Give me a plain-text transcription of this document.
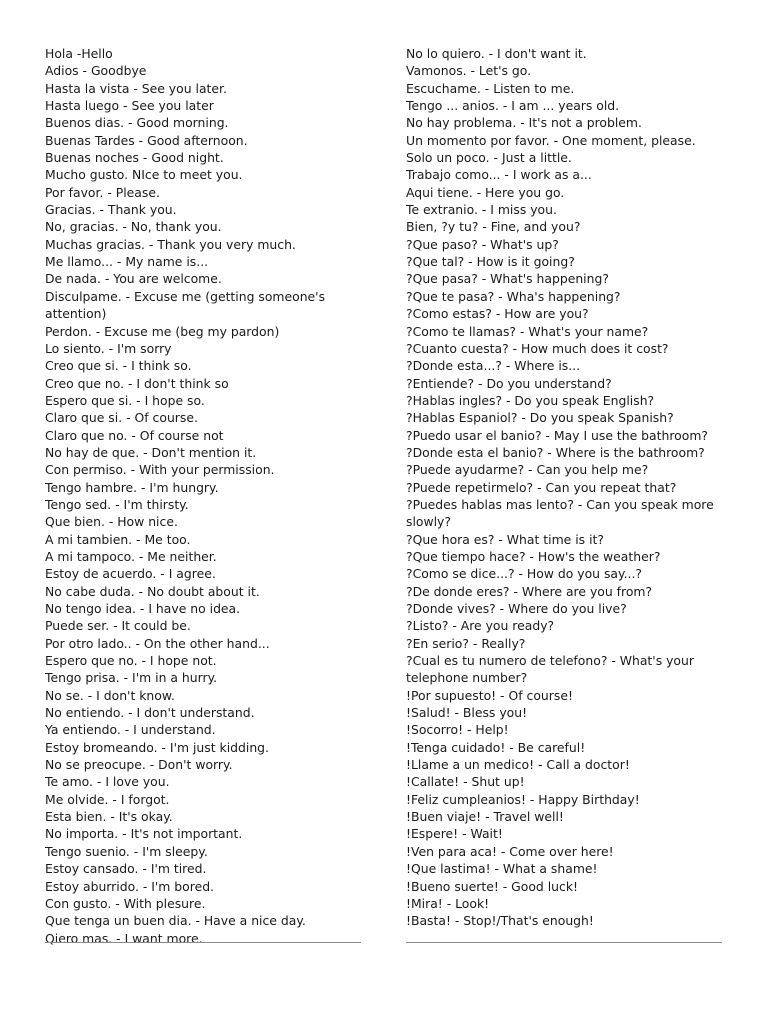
Hola -Hello

Adios - Goodbye

Hasta la vista - See you later.

Hasta luego - See you later

Buenos dias. - Good morning.

Buenas Tardes - Good afternoon.

Buenas noches - Good night.

Mucho gusto. NIce to meet you.

Por favor. - Please.

Gracias. - Thank you.

No, gracias. - No, thank you.

Muchas gracias. - Thank you very much.

Me llamo... - My name is...

De nada. - You are welcome.

Disculpame. - Excuse me (getting someone's attention)

Perdon. - Excuse me (beg my pardon)

Lo siento. - I'm sorry

Creo que si. - I think so.

Creo que no. - I don't think so

Espero que si. - I hope so.

Claro que si. - Of course.

Claro que no. - Of course not

No hay de que. - Don't mention it.

Con permiso. - With your permission.

Tengo hambre. - I'm hungry.

Tengo sed. - I'm thirsty.

Que bien. - How nice.

A mi tambien. - Me too.

A mi tampoco. - Me neither.

Estoy de acuerdo. - I agree.

No cabe duda. - No doubt about it.

No tengo idea. - I have no idea.

Puede ser. - It could be.

Por otro lado.. - On the other hand...

Espero que no. - I hope not.

Tengo prisa. - I'm in a hurry.

No se. - I don't know.

No entiendo. - I don't understand.

Ya entiendo. - I understand.

Estoy bromeando. - I'm just kidding.

No se preocupe. - Don't worry.

Te amo. - I love you.

Me olvide. - I forgot.

Esta bien. - It's okay.

No importa. - It's not important.

Tengo suenio. - I'm sleepy.

Estoy cansado. - I'm tired.

Estoy aburrido. - I'm bored.

Con gusto. - With plesure.

Que tenga un buen dia. - Have a nice day.

Qiero mas. - I want more.

No lo quiero. - I don't want it.

Vamonos. - Let's go.

Escuchame. - Listen to me.

Tengo ... anios. - I am ... years old.

No hay problema. - It's not a problem.

Un momento por favor. - One moment, please.

Solo un poco. - Just a little.

Trabajo como... - I work as a...

Aqui tiene. - Here you go.

Te extranio. - I miss you.

Bien, ?y tu? - Fine, and you?

?Que paso? - What's up?

?Que tal? - How is it going?

?Que pasa? - What's happening?

?Que te pasa? - Wha's happening?

?Como estas? - How are you?

?Como te llamas? - What's your name?

?Cuanto cuesta? - How much does it cost?

?Donde esta...? - Where is...

?Entiende? - Do you understand?

?Hablas ingles? - Do you speak English?

?Hablas Espaniol? - Do you speak Spanish?

?Puedo usar el banio? - May I use the bathroom?

?Donde esta el banio? - Where is the bathroom?

?Puede ayudarme? - Can you help me?

?Puede repetirmelo? - Can you repeat that?

?Puedes hablas mas lento? - Can you speak more slowly?

?Que hora es? - What time is it?

?Que tiempo hace? - How's the weather?

?Como se dice...? - How do you say...?

?De donde eres? - Where are you from?

?Donde vives? - Where do you live?

?Listo? - Are you ready?

?En serio? - Really?

?Cual es tu numero de telefono? - What's your telephone number?

!Por supuesto! - Of course!

!Salud! - Bless you!

!Socorro! - Help!

!Tenga cuidado! - Be careful!

!Llame a un medico! - Call a doctor!

!Callate! - Shut up!

!Feliz cumpleanios! - Happy Birthday!

!Buen viaje! - Travel well!

!Espere! - Wait!

!Ven para aca! - Come over here!

!Que lastima! - What a shame!

!Bueno suerte! - Good luck!

!Mira! - Look!

!Basta! - Stop!/That's enough!
